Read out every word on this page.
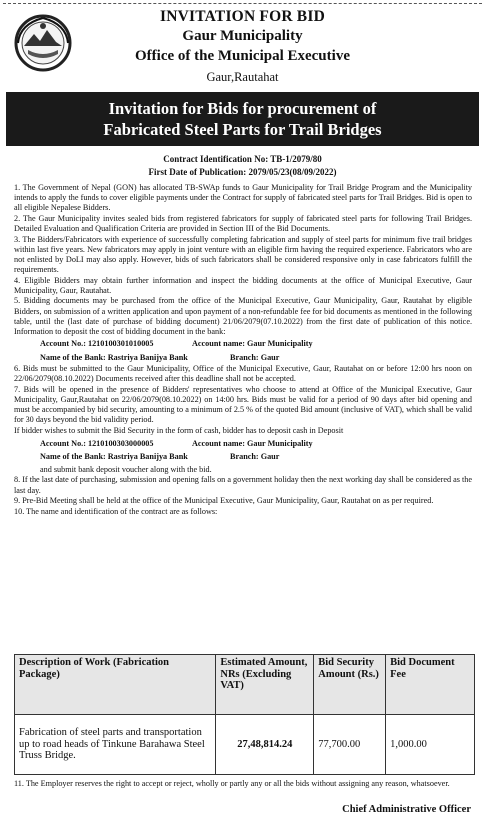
INVITATION FOR BID
Gaur Municipality
Office of the Municipal Executive
Gaur,Rautahat
Invitation for Bids for procurement of
Fabricated Steel Parts for Trail Bridges
Contract Identification No: TB-1/2079/80
First Date of Publication: 2079/05/23(08/09/2022)

1. The Government of Nepal (GON) has allocated TB-SWAp funds to Gaur Municipality for Trail Bridge Program and the Municipality intends to apply the funds to cover eligible payments under the Contract for supply of fabricated steel parts for Trail Bridges. Bid is open to all eligible Nepalese Bidders.

2. The Gaur Municipality invites sealed bids from registered fabricators for supply of fabricated steel parts for following Trail Bridges. Detailed Evaluation and Qualification Criteria are provided in Section III of the Bid Documents.

3. The Bidders/Fabricators with experience of successfully completing fabrication and supply of steel parts for minimum five trail bridges within last five years. New fabricators may apply in joint venture with an eligible firm having the required experience. Fabricators who are not enlisted by DoLI may also apply. However, bids of such fabricators shall be considered responsive only in case fabricators fulfill the requirements.

4. Eligible Bidders may obtain further information and inspect the bidding documents at the office of Municipal Executive, Gaur Municipality, Gaur, Rautahat.

5. Bidding documents may be purchased from the office of the Municipal Executive, Gaur Municipality, Gaur, Rautahat by eligible Bidders, on submission of a written application and upon payment of a non-refundable fee for bid documents as mentioned in the following table, until the (last date of purchase of bidding document) 21/06/2079(07.10.2022) from the first date of publication of this notice. Information to deposit the cost of bidding document in the bank:

Account No.: 1210100301010005	Account name: Gaur Municipality
Name of the Bank: Rastriya Banijya Bank	Branch: Gaur

6. Bids must be submitted to the Gaur Municipality, Office of the Municipal Executive, Gaur, Rautahat on or before 12:00 hrs noon on 22/06/2079(08.10.2022) Documents received after this deadline shall not be accepted.

7. Bids will be opened in the presence of Bidders' representatives who choose to attend at Office of the Municipal Executive, Gaur Municipality, Gaur,Rautahat on 22/06/2079(08.10.2022) on 14:00 hrs. Bids must be valid for a period of 90 days after bid opening and must be accompanied by bid security, amounting to a minimum of 2.5 % of the quoted Bid amount (inclusive of VAT), which shall be valid for 30 days beyond the bid validity period.

If bidder wishes to submit the Bid Security in the form of cash, bidder has to deposit cash in Deposit

Account No.: 1210100303000005	Account name: Gaur Municipality
Name of the Bank: Rastriya Banijya Bank	Branch: Gaur

and submit bank deposit voucher along with the bid.

8. If the last date of purchasing, submission and opening falls on a government holiday then the next working day shall be considered as the last day.

9. Pre-Bid Meeting shall be held at the office of the Municipal Executive, Gaur Municipality, Gaur, Rautahat on as per required.

10. The name and identification of the contract are as follows:

Description of Work (Fabrication Package)	Estimated Amount, NRs (Excluding VAT)	Bid Security Amount (Rs.)	Bid Document Fee
Fabrication of steel parts and transportation up to road heads of Tinkune Barahawa Steel Truss Bridge.	27,48,814.24	77,700.00	1,000.00
11. The Employer reserves the right to accept or reject, wholly or partly any or all the bids without assigning any reason, whatsoever.
Chief Administrative Officer
